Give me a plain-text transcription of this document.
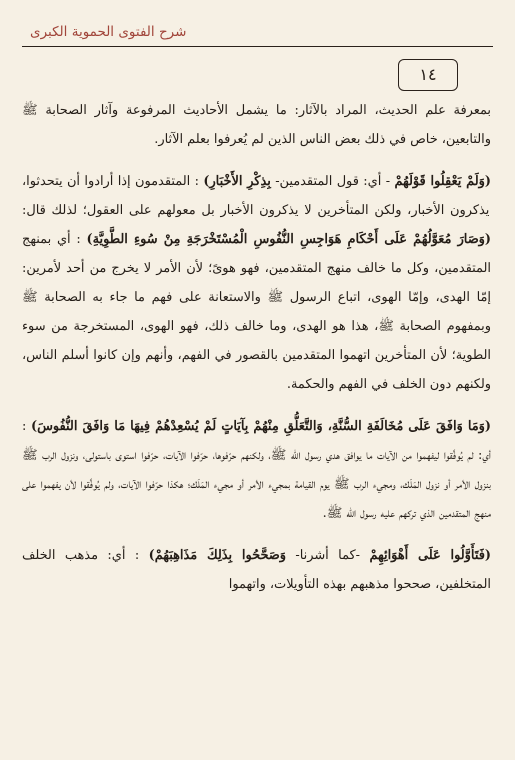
شرح الفتوى الحموية الكبرى
١٤

بمعرفة علم الحديث، المراد بالآثار: ما يشمل الأحاديث المرفوعة وآثار الصحابة ﷺ والتابعين، خاص في ذلك بعض الناس الذين لم يُعرفوا بعلم الآثار.

(وَلَمْ يَعْقِلُوا قَوْلَهُمْ - أي: قول المتقدمين- بِذِكْرِ الأَخْبَارِ) : المتقدمون إذا أرادوا أن يتحدثوا، يذكرون الأخبار، ولكن المتأخرين لا يذكرون الأخبار بل معولهم على العقول؛ لذلك قال: (وَصَارَ مُعَوَّلُهُمْ عَلَى أَحْكَامِ هَوَاجِسِ النُّفُوسِ الْمُسْتَخْرَجَةِ مِنْ سُوءِ الطَّوِيَّةِ) : أي بمنهج المتقدمين، وكل ما خالف منهج المتقدمين، فهو هوىً؛ لأن الأمر لا يخرج من أحد لأمرين: إمّا الهدى، وإمّا الهوى، اتباع الرسول ﷺ والاستعانة على فهم ما جاء به الصحابة ﷺ وبمفهوم الصحابة ﷺ، هذا هو الهدى، وما خالف ذلك، فهو الهوى، المستخرجة من سوء الطوية؛ لأن المتأخرين اتهموا المتقدمين بالقصور في الفهم، وأنهم وإن كانوا أسلم الناس، ولكنهم دون الخلف في الفهم والحكمة.

(وَمَا وَافَقَ عَلَى مُخَالَفَةِ السُّنَّةِ، وَالتَّعَلُّقِ مِنْهُمْ بِآيَاتٍ لَمْ يُسْعِدْهُمْ فِيهَا مَا وَافَقَ النُّفُوسَ) : أي: لم يُوفَّقوا ليفهموا من الآيات ما يوافق هدي رسول الله ﷺ، ولكنهم حرّفوها، حرّفوا الآيات، حرّفوا استوى باستولى، ونزول الرب ﷺ بنزول الأمر أو نزول المَلَك، ومجيء الرب ﷺ يوم القيامة بمجيء الأمر أو مجيء المَلَك؛ هكذا حرّفوا الآيات، ولم يُوفَّقوا لأن يفهموا على منهج المتقدمين الذي تركهم عليه رسول الله ﷺ.

(فَتَأَوَّلُوا عَلَى أَهْوَائِهِمْ -كما أشرنا- وَصَحَّحُوا بِذَلِكَ مَذَاهِبَهُمْ) : أي: مذهب الخلف المتخلفين، صححوا مذهبهم بهذه التأويلات، واتهموا
